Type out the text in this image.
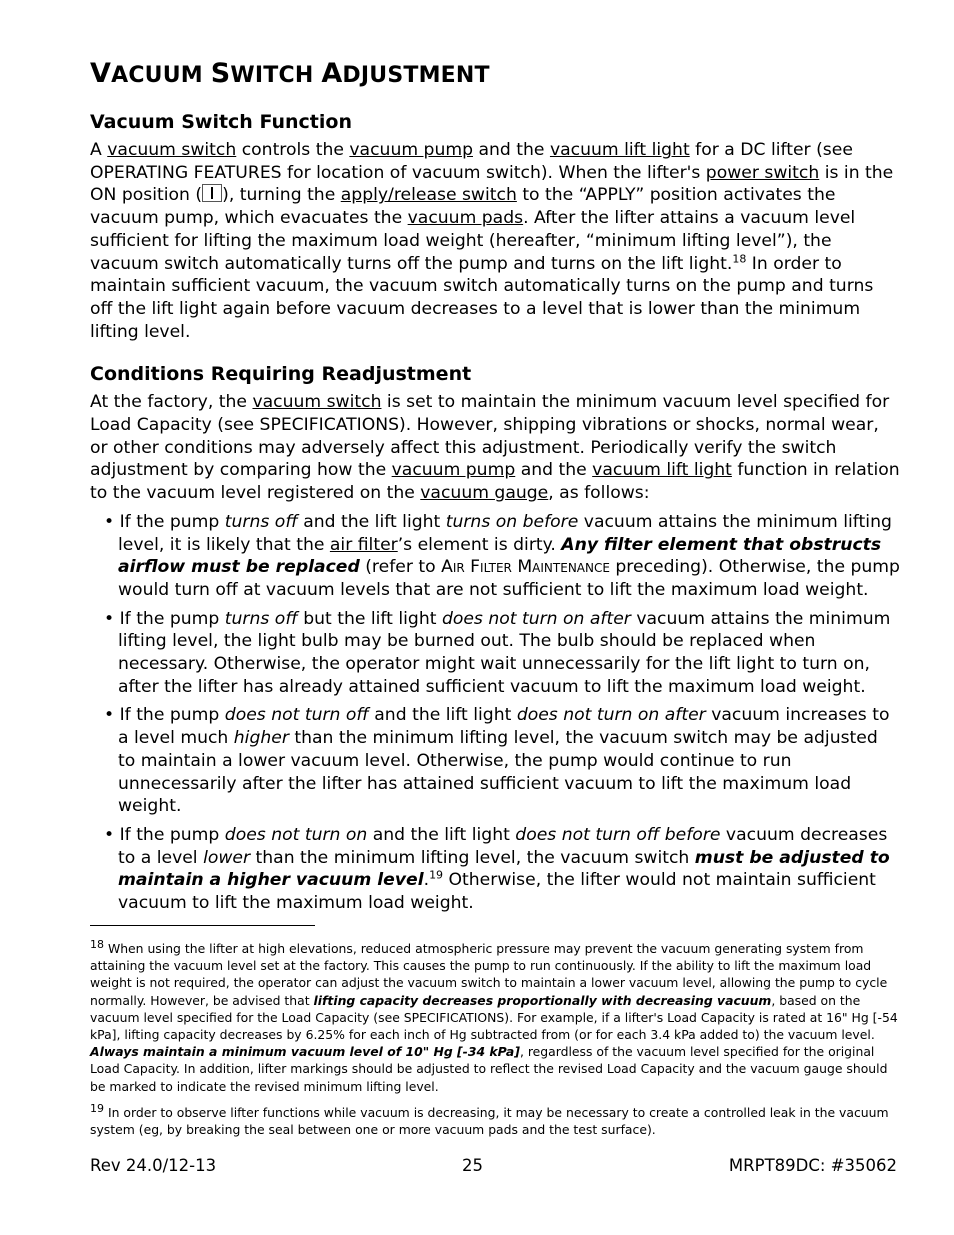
VACUUM SWITCH ADJUSTMENT
Vacuum Switch Function

A vacuum switch controls the vacuum pump and the vacuum lift light for a DC lifter (see OPERATING FEATURES for location of vacuum switch). When the lifter's power switch is in the ON position ( ), turning the apply/release switch to the “APPLY” position activates the vacuum pump, which evacuates the vacuum pads. After the lifter attains a vacuum level sufficient for lifting the maximum load weight (hereafter, “minimum lifting level”), the vacuum switch automatically turns off the pump and turns on the lift light.$^{18}$ In order to maintain sufficient vacuum, the vacuum switch automatically turns on the pump and turns off the lift light again before vacuum decreases to a level that is lower than the minimum lifting level.

Conditions Requiring Readjustment

At the factory, the vacuum switch is set to maintain the minimum vacuum level specified for Load Capacity (see SPECIFICATIONS). However, shipping vibrations or shocks, normal wear, or other conditions may adversely affect this adjustment. Periodically verify the switch adjustment by comparing how the vacuum pump and the vacuum lift light function in relation to the vacuum level registered on the vacuum gauge, as follows:

• If the pump turns off and the lift light turns on before vacuum attains the minimum lifting level, it is likely that the air filter’s element is dirty. Any filter element that obstructs airflow must be replaced (refer to Air Filter Maintenance preceding). Otherwise, the pump would turn off at vacuum levels that are not sufficient to lift the maximum load weight.
• If the pump turns off but the lift light does not turn on after vacuum attains the minimum lifting level, the light bulb may be burned out. The bulb should be replaced when necessary. Otherwise, the operator might wait unnecessarily for the lift light to turn on, after the lifter has already attained sufficient vacuum to lift the maximum load weight.
• If the pump does not turn off and the lift light does not turn on after vacuum increases to a level much higher than the minimum lifting level, the vacuum switch may be adjusted to maintain a lower vacuum level. Otherwise, the pump would continue to run unnecessarily after the lifter has attained sufficient vacuum to lift the maximum load weight.
• If the pump does not turn on and the lift light does not turn off before vacuum decreases to a level lower than the minimum lifting level, the vacuum switch must be adjusted to maintain a higher vacuum level.$^{19}$ Otherwise, the lifter would not maintain sufficient vacuum to lift the maximum load weight.
$^{18}$ When using the lifter at high elevations, reduced atmospheric pressure may prevent the vacuum generating system from attaining the vacuum level set at the factory. This causes the pump to run continuously. If the ability to lift the maximum load weight is not required, the operator can adjust the vacuum switch to maintain a lower vacuum level, allowing the pump to cycle normally. However, be advised that lifting capacity decreases proportionally with decreasing vacuum, based on the vacuum level specified for the Load Capacity (see SPECIFICATIONS). For example, if a lifter's Load Capacity is rated at 16" Hg [-54 kPa], lifting capacity decreases by 6.25% for each inch of Hg subtracted from (or for each 3.4 kPa added to) the vacuum level. Always maintain a minimum vacuum level of 10" Hg [-34 kPa], regardless of the vacuum level specified for the original Load Capacity. In addition, lifter markings should be adjusted to reflect the revised Load Capacity and the vacuum gauge should be marked to indicate the revised minimum lifting level.
$^{19}$ In order to observe lifter functions while vacuum is decreasing, it may be necessary to create a controlled leak in the vacuum system (eg, by breaking the seal between one or more vacuum pads and the test surface).
Rev 24.0/12-13	25	MRPT89DC: #35062
